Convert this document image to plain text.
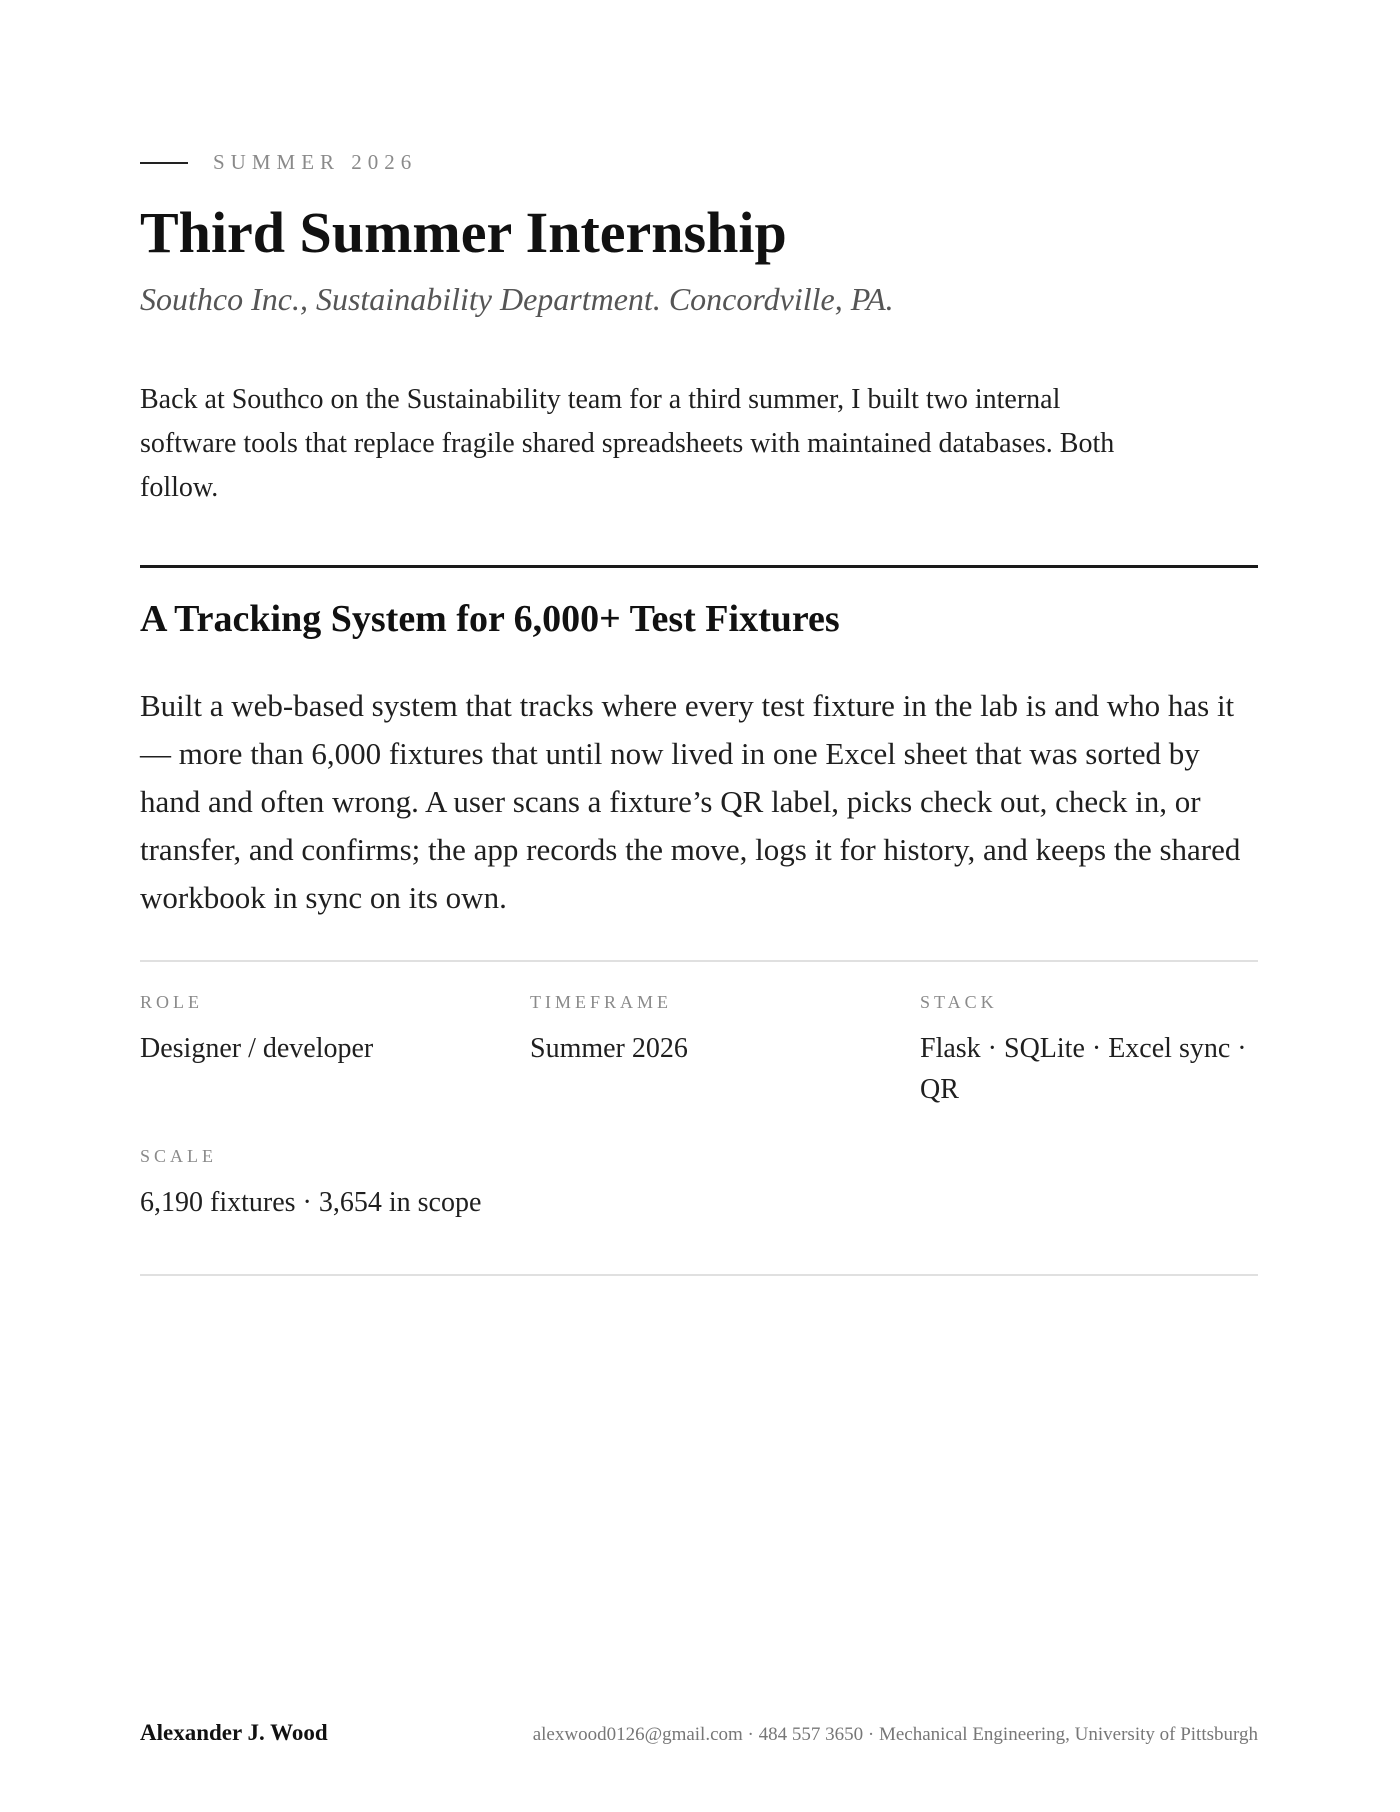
SUMMER 2026
Third Summer Internship

Southco Inc., Sustainability Department. Concordville, PA.

Back at Southco on the Sustainability team for a third summer, I built two internal software tools that replace fragile shared spreadsheets with maintained databases. Both follow.

A Tracking System for 6,000+ Test Fixtures

Built a web-based system that tracks where every test fixture in the lab is and who has it — more than 6,000 fixtures that until now lived in one Excel sheet that was sorted by hand and often wrong. A user scans a fixture’s QR label, picks check out, check in, or transfer, and confirms; the app records the move, logs it for history, and keeps the shared workbook in sync on its own.

ROLE
Designer / developer
TIMEFRAME
Summer 2026
STACK
Flask · SQLite · Excel sync · QR
SCALE
6,190 fixtures · 3,654 in scope
Alexander J. Wood	alexwood0126@gmail.com · 484 557 3650 · Mechanical Engineering, University of Pittsburgh
